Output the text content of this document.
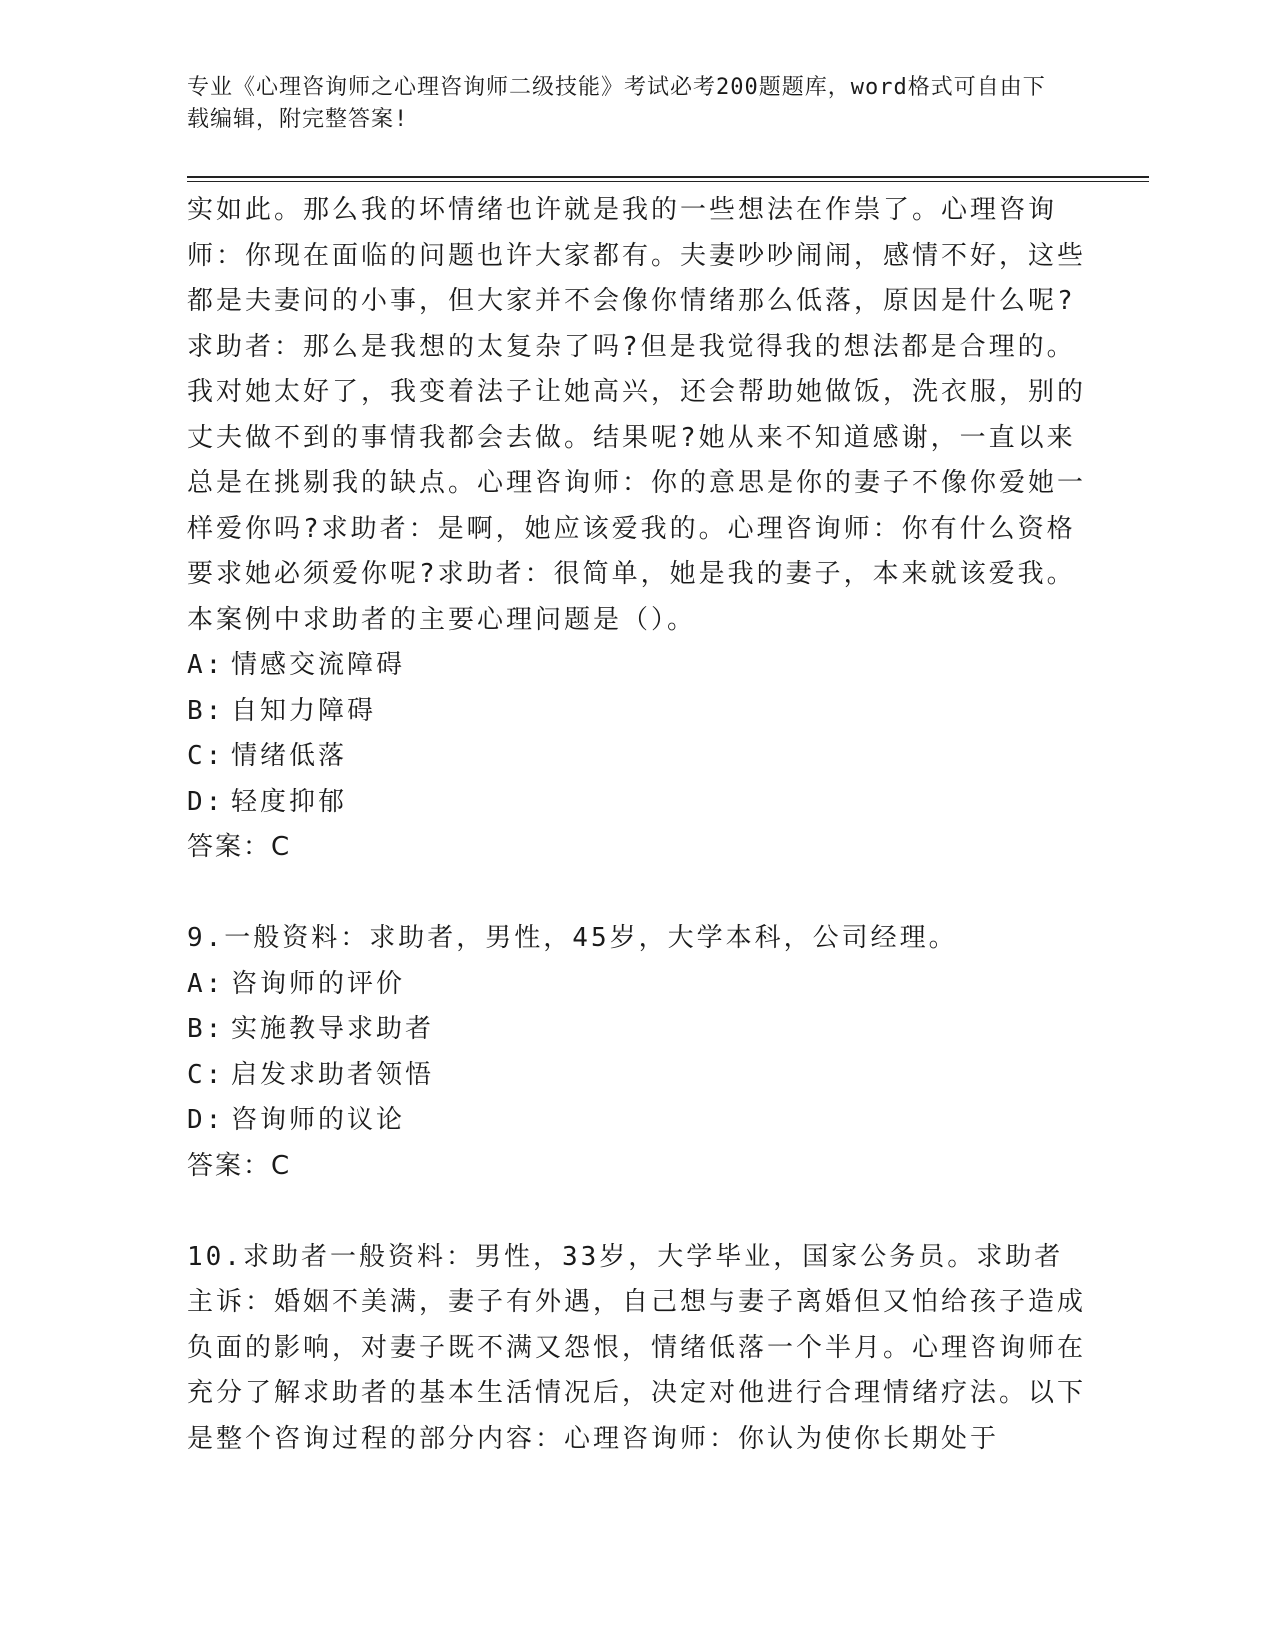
专业《心理咨询师之心理咨询师二级技能》考试必考200题题库，word格式可自由下载编辑，附完整答案!

实如此。那么我的坏情绪也许就是我的一些想法在作祟了。心理咨询师：你现在面临的问题也许大家都有。夫妻吵吵闹闹，感情不好，这些都是夫妻问的小事，但大家并不会像你情绪那么低落，原因是什么呢?求助者：那么是我想的太复杂了吗?但是我觉得我的想法都是合理的。我对她太好了，我变着法子让她高兴，还会帮助她做饭，洗衣服，别的丈夫做不到的事情我都会去做。结果呢?她从来不知道感谢，一直以来总是在挑剔我的缺点。心理咨询师：你的意思是你的妻子不像你爱她一样爱你吗?求助者：是啊，她应该爱我的。心理咨询师：你有什么资格要求她必须爱你呢?求助者：很简单，她是我的妻子，本来就该爱我。本案例中求助者的主要心理问题是（）。

A: 情感交流障碍

B: 自知力障碍

C: 情绪低落

D: 轻度抑郁

答案：C

9.一般资料：求助者，男性，45岁，大学本科，公司经理。

A: 咨询师的评价

B: 实施教导求助者

C: 启发求助者领悟

D: 咨询师的议论

答案：C

10.求助者一般资料：男性，33岁，大学毕业，国家公务员。求助者主诉：婚姻不美满，妻子有外遇，自己想与妻子离婚但又怕给孩子造成负面的影响，对妻子既不满又怨恨，情绪低落一个半月。心理咨询师在充分了解求助者的基本生活情况后，决定对他进行合理情绪疗法。以下是整个咨询过程的部分内容：心理咨询师：你认为使你长期处于
